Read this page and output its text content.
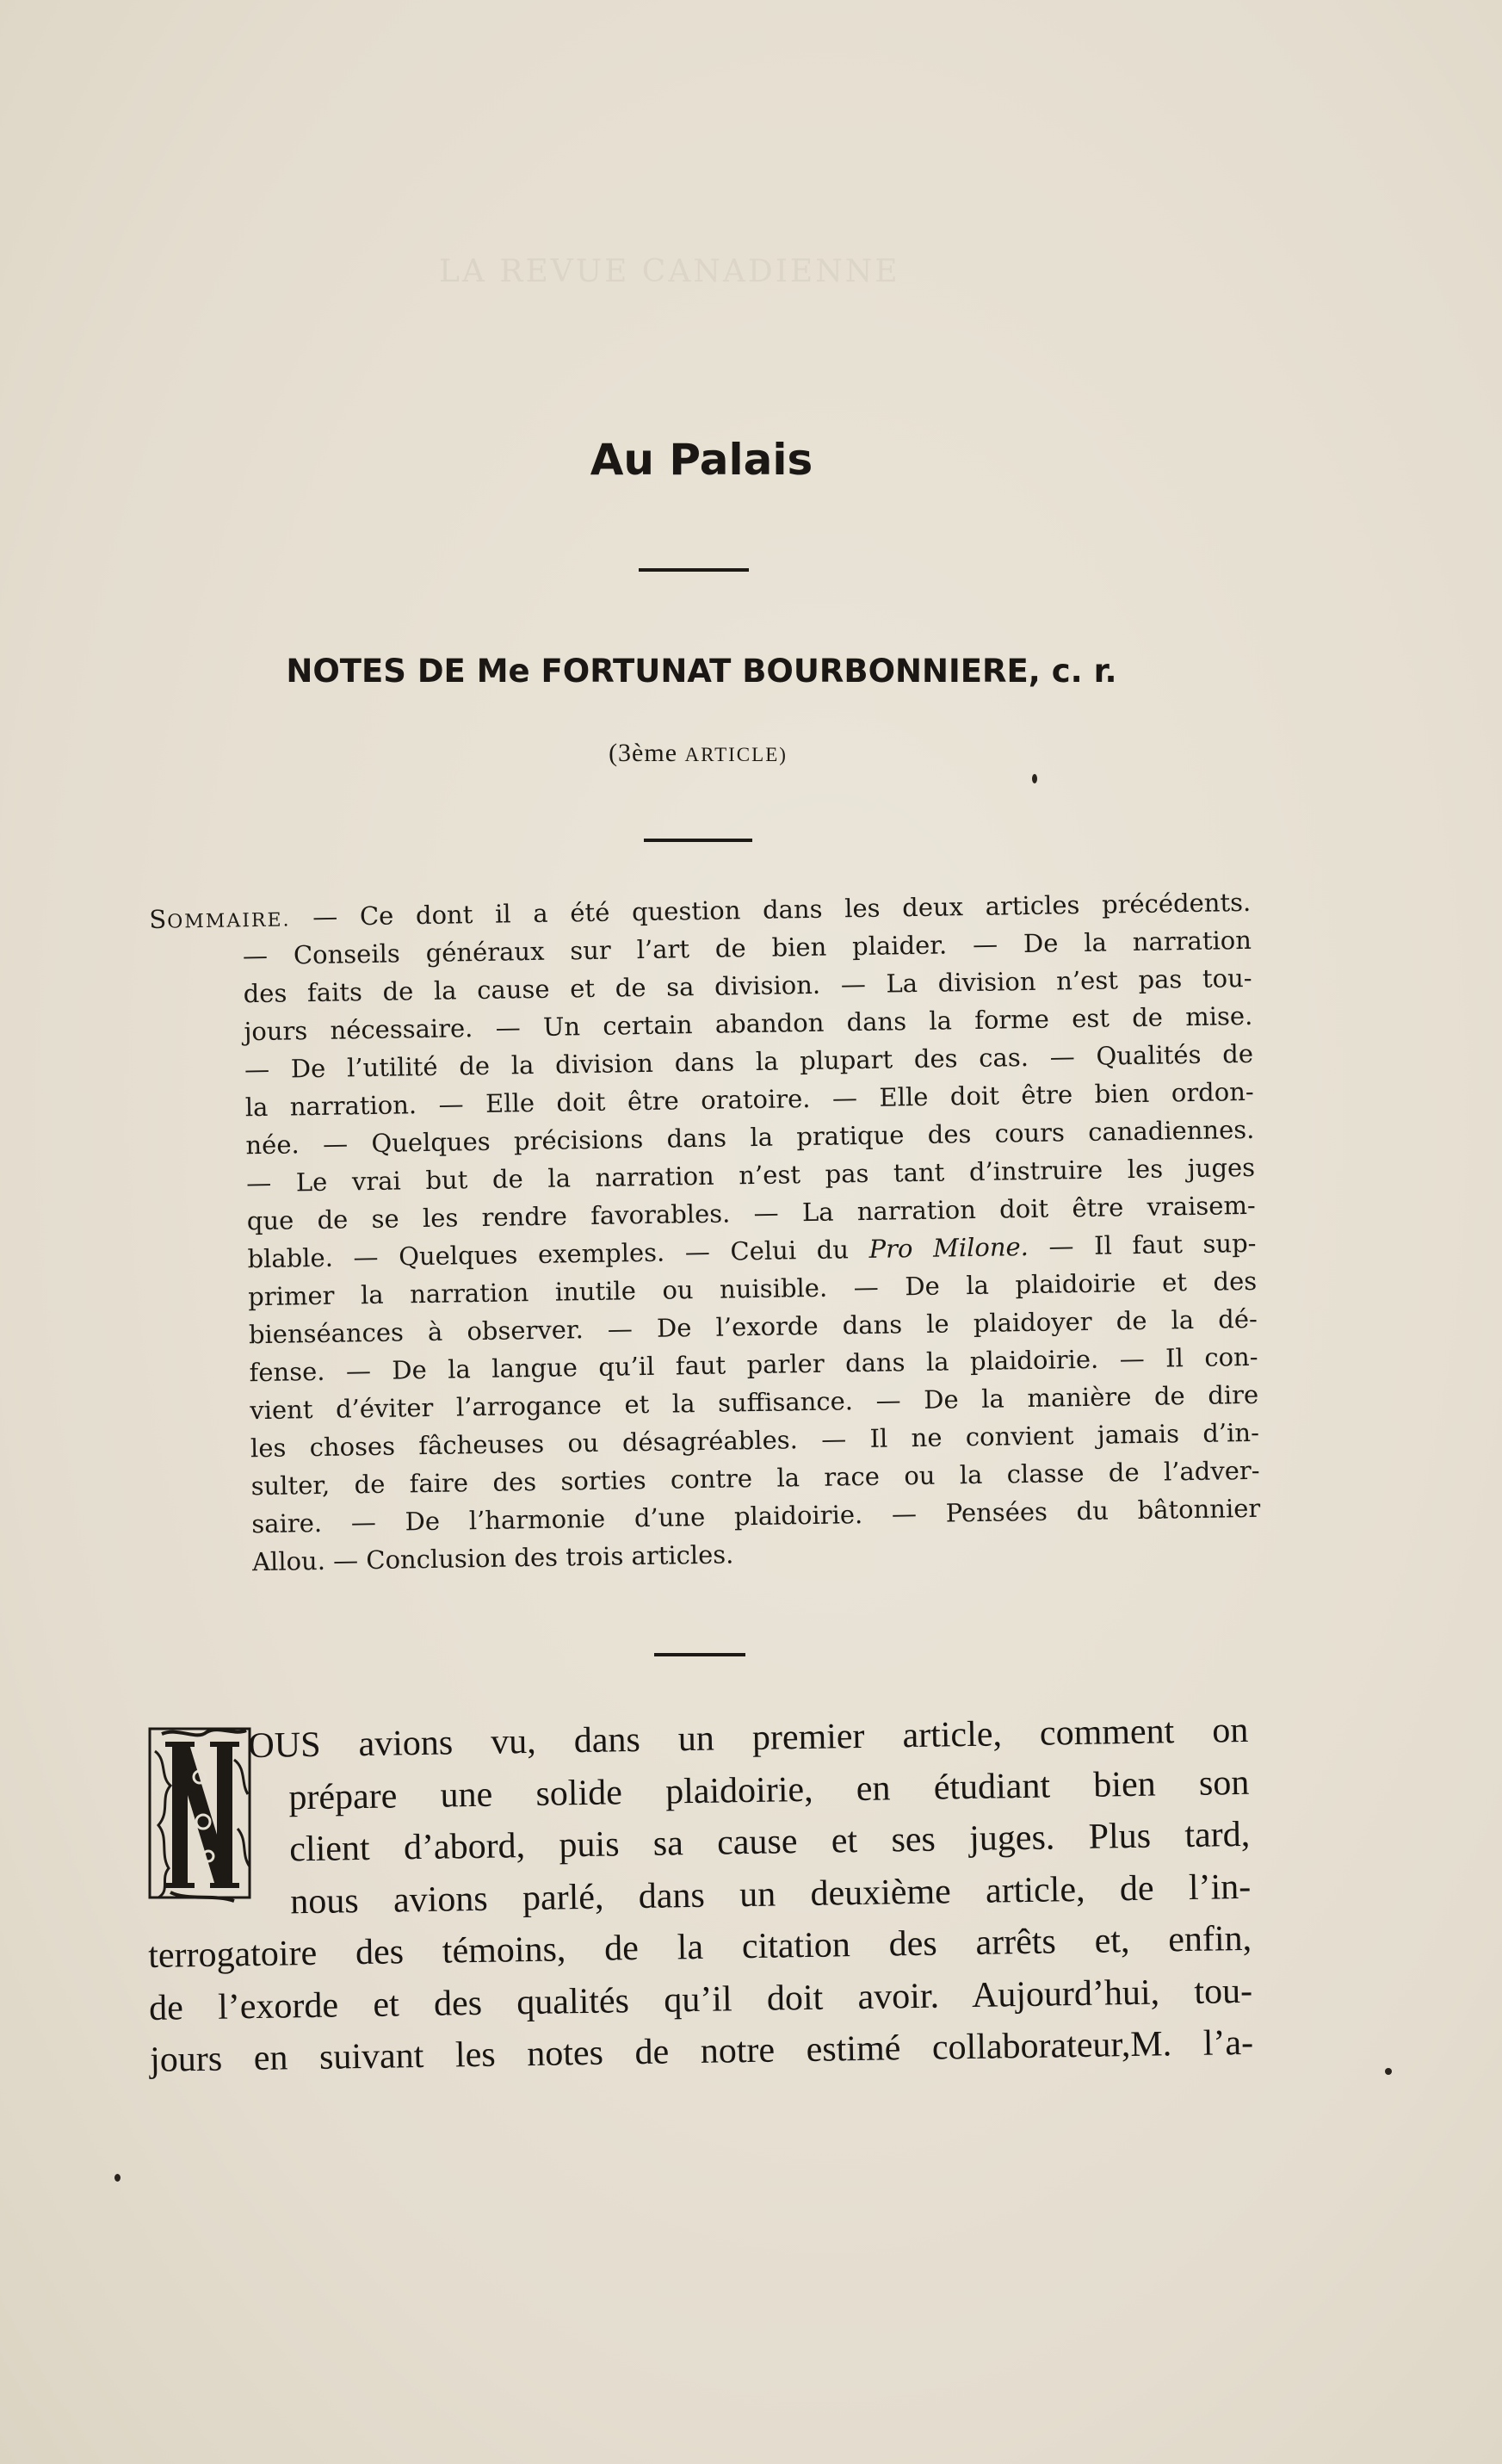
LA REVUE CANADIENNE
Au Palais
NOTES DE Me FORTUNAT BOURBONNIERE, c. r.
(3ème ARTICLE)
SOMMAIRE. — Ce dont il a été question dans les deux articles précédents.
— Conseils généraux sur l’art de bien plaider. — De la narration
des faits de la cause et de sa division. — La division n’est pas tou-
jours nécessaire. — Un certain abandon dans la forme est de mise.
— De l’utilité de la division dans la plupart des cas. — Qualités de
la narration. — Elle doit être oratoire. — Elle doit être bien ordon-
née. — Quelques précisions dans la pratique des cours canadiennes.
— Le vrai but de la narration n’est pas tant d’instruire les juges
que de se les rendre favorables. — La narration doit être vraisem-
blable. — Quelques exemples. — Celui du Pro Milone. — Il faut sup-
primer la narration inutile ou nuisible. — De la plaidoirie et des
bienséances à observer. — De l’exorde dans le plaidoyer de la dé-
fense. — De la langue qu’il faut parler dans la plaidoirie. — Il con-
vient d’éviter l’arrogance et la suffisance. — De la manière de dire
les choses fâcheuses ou désagréables. — Il ne convient jamais d’in-
sulter, de faire des sorties contre la race ou la classe de l’adver-
saire. — De l’harmonie d’une plaidoirie. — Pensées du bâtonnier
Allou. — Conclusion des trois articles.
OUS avions vu, dans un premier article, comment on
prépare une solide plaidoirie, en étudiant bien son
client d’abord, puis sa cause et ses juges. Plus tard,
nous avions parlé, dans un deuxième article, de l’in-
terrogatoire des témoins, de la citation des arrêts et, enfin,
de l’exorde et des qualités qu’il doit avoir. Aujourd’hui, tou-
jours en suivant les notes de notre estimé collaborateur,M. l’a-
